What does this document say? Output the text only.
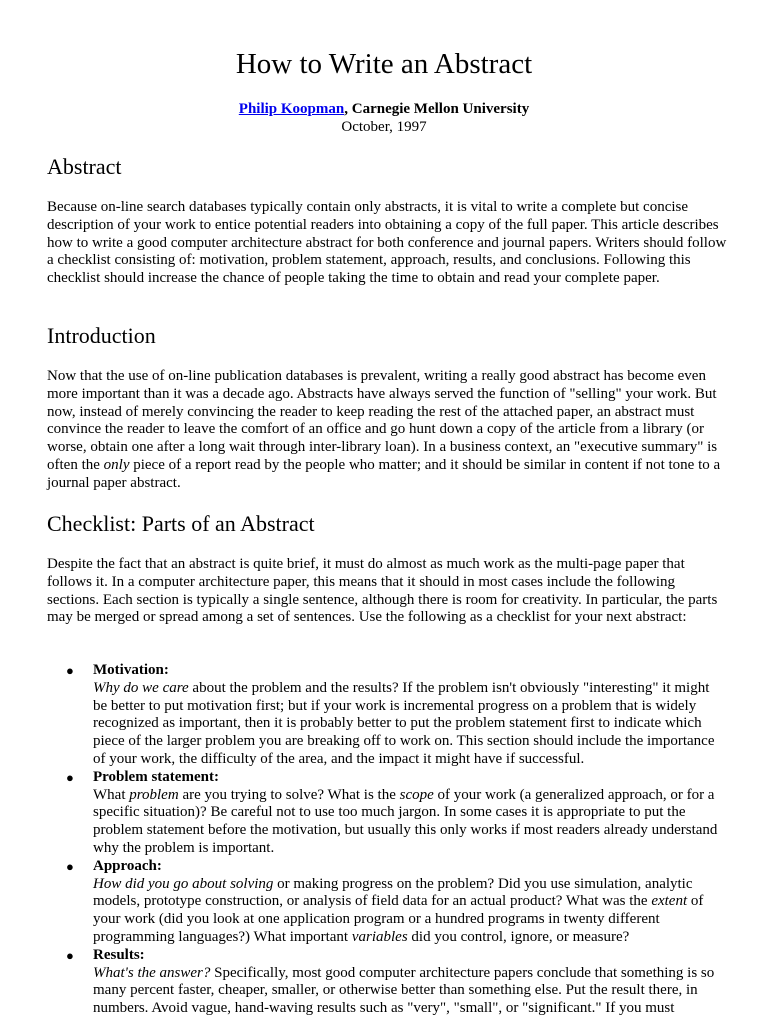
How to Write an Abstract
Philip Koopman, Carnegie Mellon University
October, 1997
Abstract

Because on-line search databases typically contain only abstracts, it is vital to write a complete but concise description of your work to entice potential readers into obtaining a copy of the full paper. This article describes how to write a good computer architecture abstract for both conference and journal papers. Writers should follow a checklist consisting of: motivation, problem statement, approach, results, and conclusions. Following this checklist should increase the chance of people taking the time to obtain and read your complete paper.

Introduction

Now that the use of on-line publication databases is prevalent, writing a really good abstract has become even more important than it was a decade ago. Abstracts have always served the function of "selling" your work. But now, instead of merely convincing the reader to keep reading the rest of the attached paper, an abstract must convince the reader to leave the comfort of an office and go hunt down a copy of the article from a library (or worse, obtain one after a long wait through inter-library loan). In a business context, an "executive summary" is often the only piece of a report read by the people who matter; and it should be similar in content if not tone to a journal paper abstract.

Checklist: Parts of an Abstract

Despite the fact that an abstract is quite brief, it must do almost as much work as the multi-page paper that follows it. In a computer architecture paper, this means that it should in most cases include the following sections. Each section is typically a single sentence, although there is room for creativity. In particular, the parts may be merged or spread among a set of sentences. Use the following as a checklist for your next abstract:

● Motivation:
Why do we care about the problem and the results? If the problem isn't obviously "interesting" it might be better to put motivation first; but if your work is incremental progress on a problem that is widely recognized as important, then it is probably better to put the problem statement first to indicate which piece of the larger problem you are breaking off to work on. This section should include the importance of your work, the difficulty of the area, and the impact it might have if successful.
● Problem statement:
What problem are you trying to solve? What is the scope of your work (a generalized approach, or for a specific situation)? Be careful not to use too much jargon. In some cases it is appropriate to put the problem statement before the motivation, but usually this only works if most readers already understand why the problem is important.
● Approach:
How did you go about solving or making progress on the problem? Did you use simulation, analytic models, prototype construction, or analysis of field data for an actual product? What was the extent of your work (did you look at one application program or a hundred programs in twenty different programming languages?) What important variables did you control, ignore, or measure?
● Results:
What's the answer? Specifically, most good computer architecture papers conclude that something is so many percent faster, cheaper, smaller, or otherwise better than something else. Put the result there, in numbers. Avoid vague, hand-waving results such as "very", "small", or "significant." If you must
